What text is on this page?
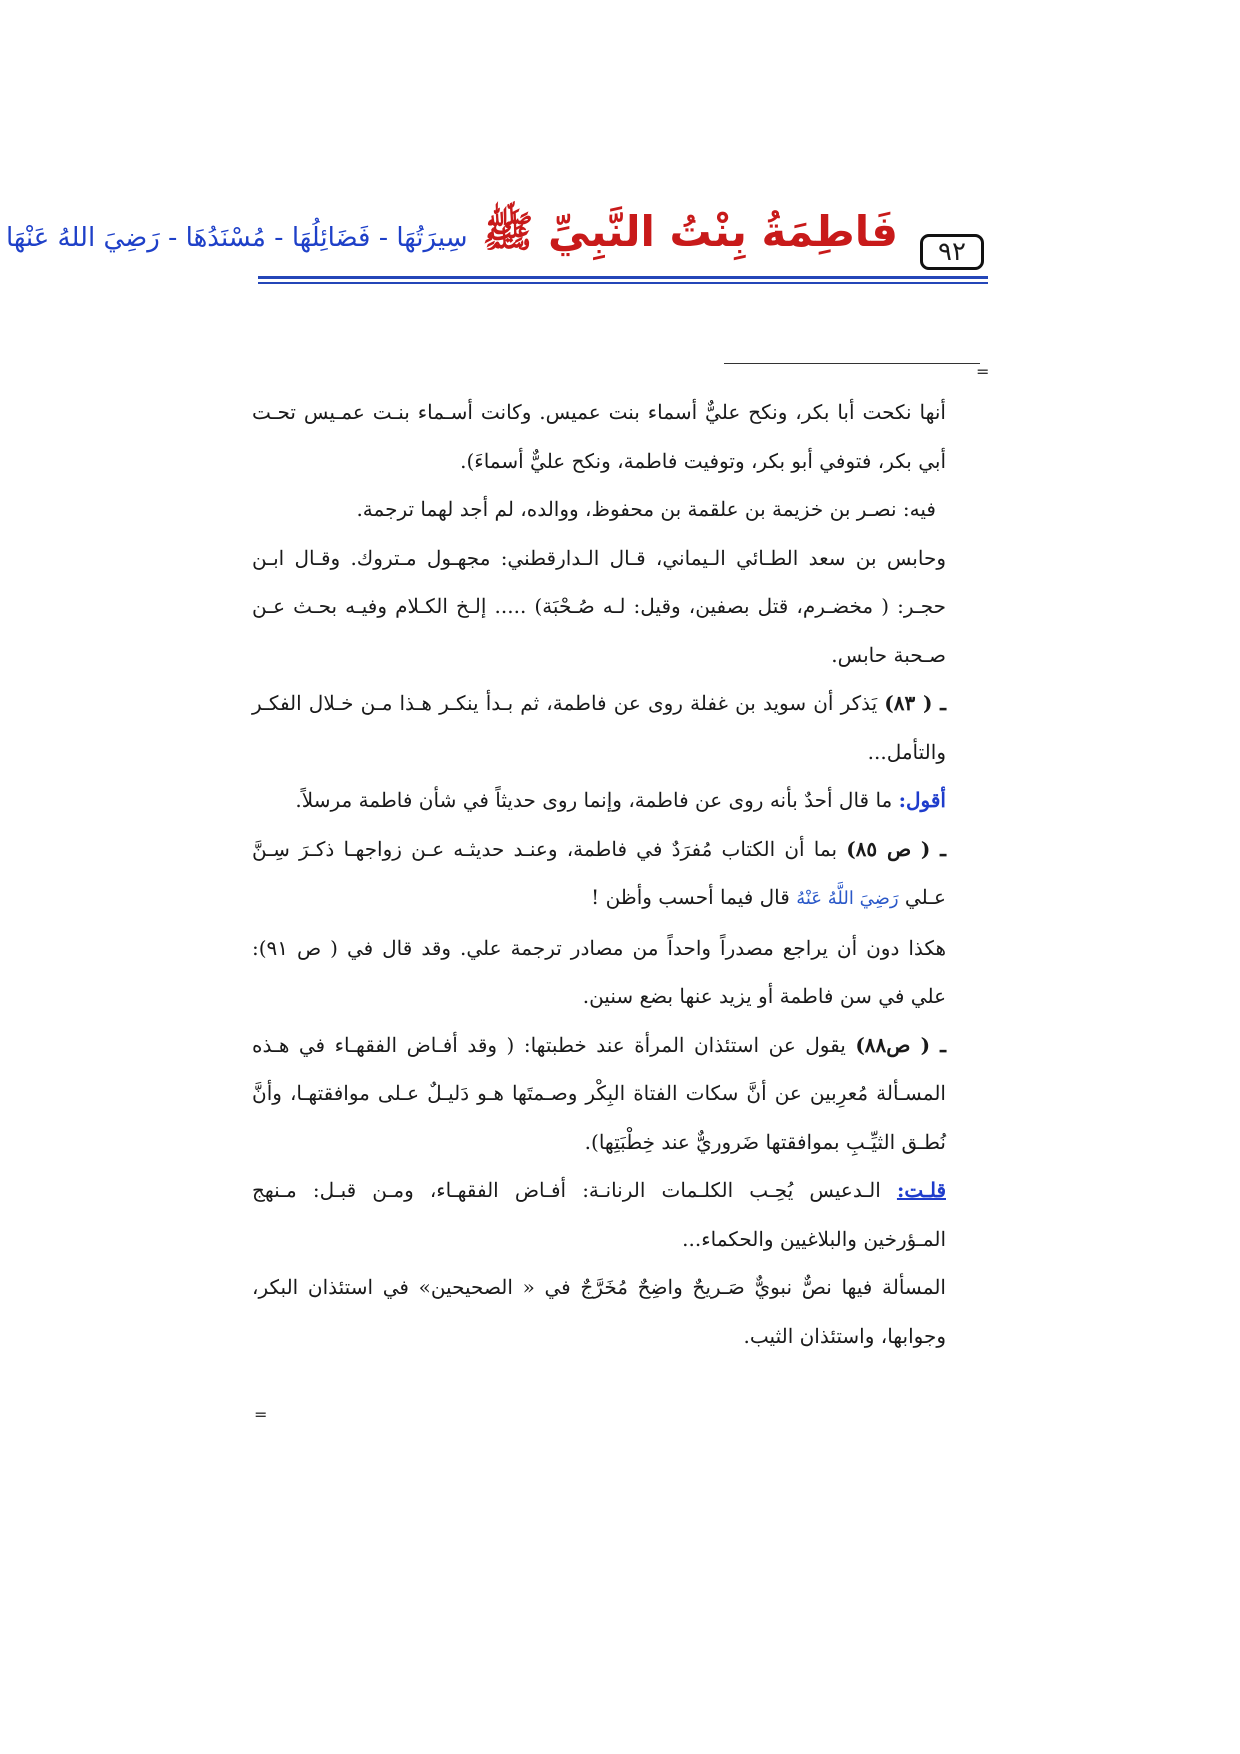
فَاطِمَةُ بِنْتُ النَّبِيِّ ﷺ سِيرَتُهَا - فَضَائِلُهَا - مُسْنَدُهَا - رَضِيَ اللهُ عَنْهَا	٩٢
=

أنها نكحت أبا بكر، ونكح عليٌّ أسماء بنت عميس. وكانت أسـماء بنـت عمـيس تحـت أبي بكر، فتوفي أبو بكر، وتوفيت فاطمة، ونكح عليٌّ أسماءَ).

فيه: نصـر بن خزيمة بن علقمة بن محفوظ، ووالده، لم أجد لهما ترجمة.

وحابس بن سعد الطـائي الـيماني، قـال الـدارقطني: مجهـول مـتروك. وقـال ابـن حجـر: ( مخضـرم، قتل بصفين، وقيل: لـه صُـحْبَة) ..... إلـخ الكـلام وفيـه بحـث عـن صـحبة حابس.

ـ ( ٨٣) يَذكر أن سويد بن غفلة روى عن فاطمة، ثم بـدأ ينكـر هـذا مـن خـلال الفكـر والتأمل...

أقول: ما قال أحدٌ بأنه روى عن فاطمة، وإنما روى حديثاً في شأن فاطمة مرسلاً.

ـ ( ص ٨٥) بما أن الكتاب مُفرَدٌ في فاطمة، وعنـد حديثـه عـن زواجهـا ذكـرَ سِـنَّ عـلي رَضِيَ اللَّهُ عَنْهُ قال فيما أحسب وأظن !

هكذا دون أن يراجع مصدراً واحداً من مصادر ترجمة علي. وقد قال في ( ص ٩١): علي في سن فاطمة أو يزيد عنها بضع سنين.

ـ ( ص٨٨) يقول عن استئذان المرأة عند خطبتها: ( وقد أفـاض الفقهـاء في هـذه المسـألة مُعرِبين عن أنَّ سكات الفتاة البِكْر وصـمتَها هـو دَليـلٌ عـلى موافقتهـا، وأنَّ نُطـق الثيِّـبِ بموافقتها ضَروريٌّ عند خِطْبَتِها).

قلـت: الـدعيس يُحِـب الكلـمات الرنانـة: أفـاض الفقهـاء، ومـن قبـل: مـنهج المـؤرخين والبلاغيين والحكماء...

المسألة فيها نصٌّ نبويٌّ صَـريحٌ واضِحٌ مُخَرَّجٌ في « الصحيحين» في استئذان البكر، وجوابها، واستئذان الثيب.

=
